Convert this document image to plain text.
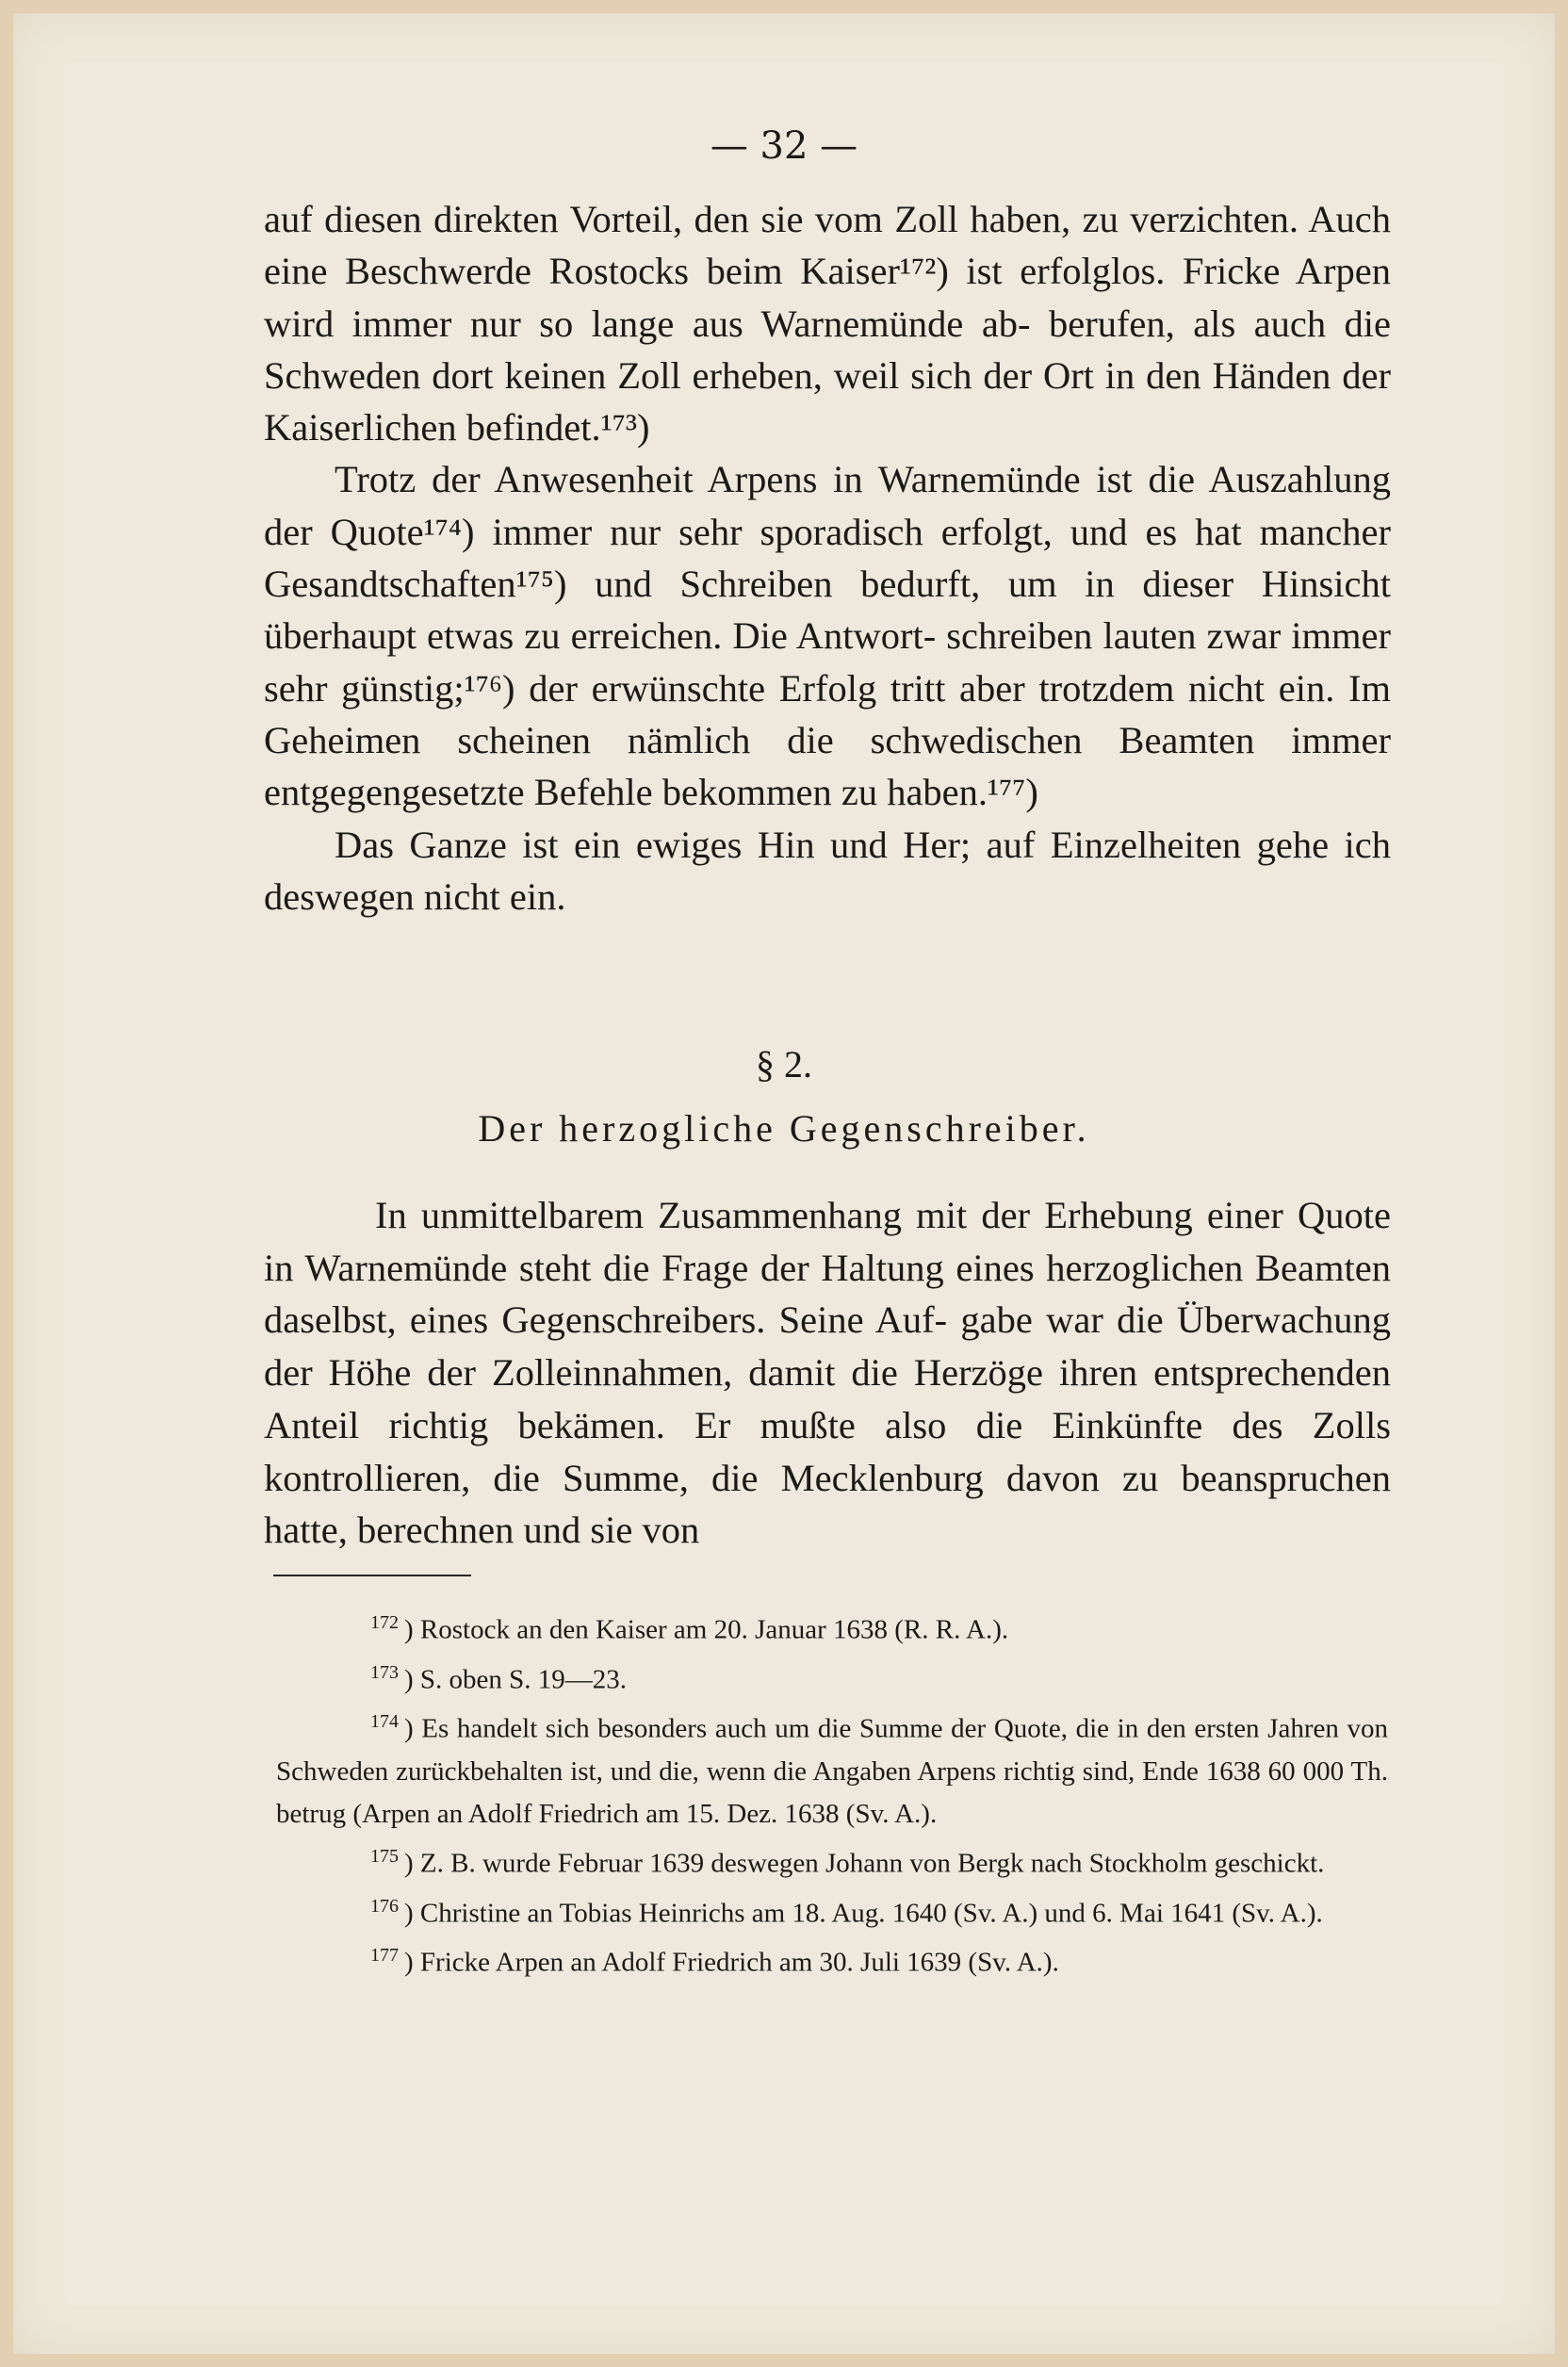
— 32 —

auf diesen direkten Vorteil, den sie vom Zoll haben, zu verzichten. Auch eine Beschwerde Rostocks beim Kaiser¹⁷²) ist erfolglos. Fricke Arpen wird immer nur so lange aus Warnemünde ab- berufen, als auch die Schweden dort keinen Zoll erheben, weil sich der Ort in den Händen der Kaiserlichen befindet.¹⁷³)

Trotz der Anwesenheit Arpens in Warnemünde ist die Auszahlung der Quote¹⁷⁴) immer nur sehr sporadisch erfolgt, und es hat mancher Gesandtschaften¹⁷⁵) und Schreiben bedurft, um in dieser Hinsicht überhaupt etwas zu erreichen. Die Antwort- schreiben lauten zwar immer sehr günstig;¹⁷⁶) der erwünschte Erfolg tritt aber trotzdem nicht ein. Im Geheimen scheinen nämlich die schwedischen Beamten immer entgegengesetzte Befehle bekommen zu haben.¹⁷⁷)

Das Ganze ist ein ewiges Hin und Her; auf Einzelheiten gehe ich deswegen nicht ein.

§ 2.
Der herzogliche Gegenschreiber.

In unmittelbarem Zusammenhang mit der Erhebung einer Quote in Warnemünde steht die Frage der Haltung eines herzoglichen Beamten daselbst, eines Gegenschreibers. Seine Auf- gabe war die Überwachung der Höhe der Zolleinnahmen, damit die Herzöge ihren entsprechenden Anteil richtig bekämen. Er mußte also die Einkünfte des Zolls kontrollieren, die Summe, die Mecklenburg davon zu beanspruchen hatte, berechnen und sie von

$^{172}$ ) Rostock an den Kaiser am 20. Januar 1638 (R. R. A.).

$^{173}$ ) S. oben S. 19—23.

$^{174}$ ) Es handelt sich besonders auch um die Summe der Quote, die in den ersten Jahren von Schweden zurückbehalten ist, und die, wenn die Angaben Arpens richtig sind, Ende 1638 60 000 Th. betrug (Arpen an Adolf Friedrich am 15. Dez. 1638 (Sv. A.).

$^{175}$ ) Z. B. wurde Februar 1639 deswegen Johann von Bergk nach Stockholm geschickt.

$^{176}$ ) Christine an Tobias Heinrichs am 18. Aug. 1640 (Sv. A.) und 6. Mai 1641 (Sv. A.).

$^{177}$ ) Fricke Arpen an Adolf Friedrich am 30. Juli 1639 (Sv. A.).
